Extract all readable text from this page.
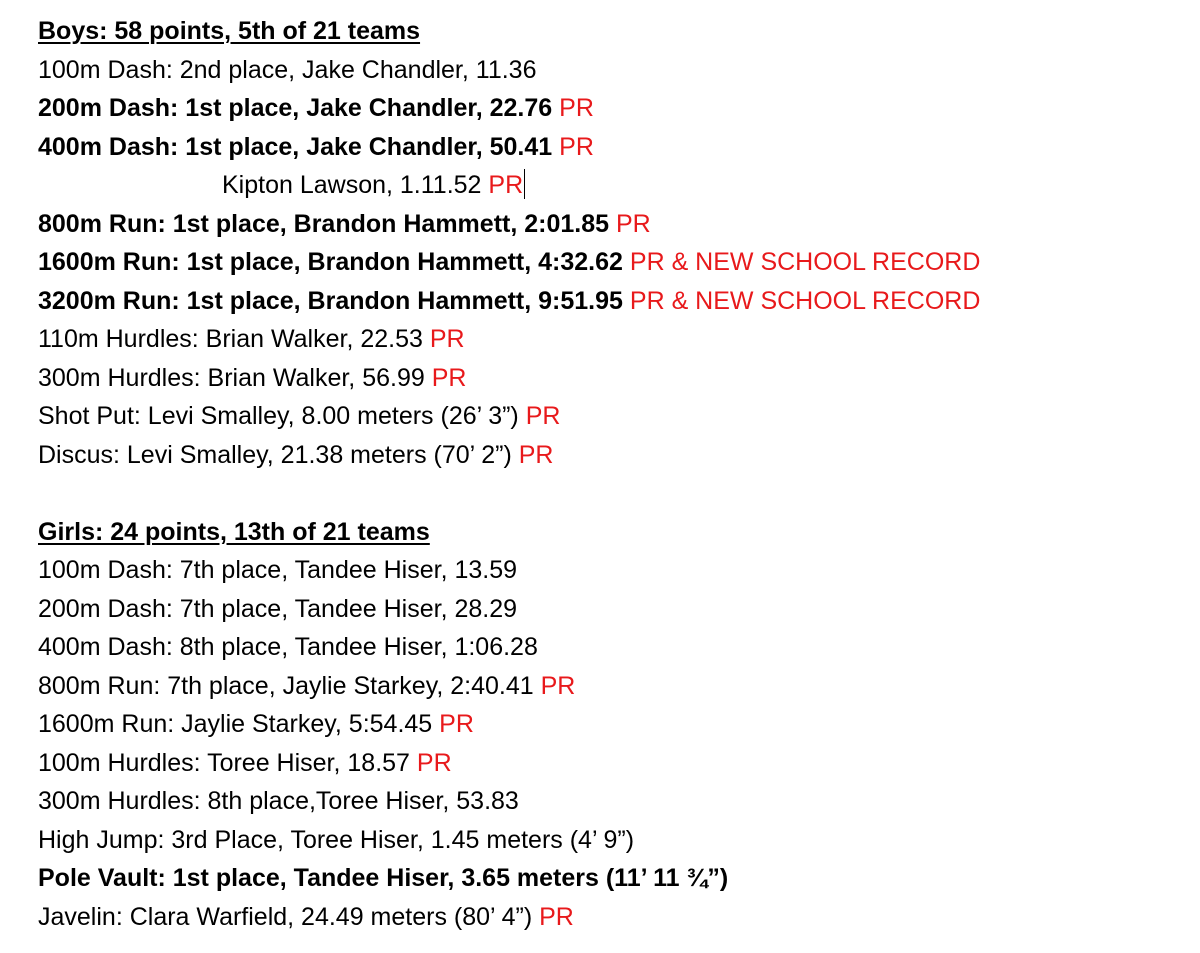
Boys: 58 points, 5th of 21 teams
100m Dash: 2nd place, Jake Chandler, 11.36
200m Dash: 1st place, Jake Chandler, 22.76 PR
400m Dash: 1st place, Jake Chandler, 50.41 PR
Kipton Lawson, 1.11.52 PR
800m Run: 1st place, Brandon Hammett, 2:01.85 PR
1600m Run: 1st place, Brandon Hammett, 4:32.62 PR & NEW SCHOOL RECORD
3200m Run: 1st place, Brandon Hammett, 9:51.95 PR & NEW SCHOOL RECORD
110m Hurdles: Brian Walker, 22.53 PR
300m Hurdles: Brian Walker, 56.99 PR
Shot Put: Levi Smalley, 8.00 meters (26’ 3”) PR
Discus: Levi Smalley, 21.38 meters (70’ 2”) PR
Girls: 24 points, 13th of 21 teams
100m Dash: 7th place, Tandee Hiser, 13.59
200m Dash: 7th place, Tandee Hiser, 28.29
400m Dash: 8th place, Tandee Hiser, 1:06.28
800m Run: 7th place, Jaylie Starkey, 2:40.41 PR
1600m Run: Jaylie Starkey, 5:54.45 PR
100m Hurdles: Toree Hiser, 18.57 PR
300m Hurdles: 8th place,Toree Hiser, 53.83
High Jump: 3rd Place, Toree Hiser, 1.45 meters (4’ 9”)
Pole Vault: 1st place, Tandee Hiser, 3.65 meters (11’ 11 ¾”)
Javelin: Clara Warfield, 24.49 meters (80’ 4”) PR
